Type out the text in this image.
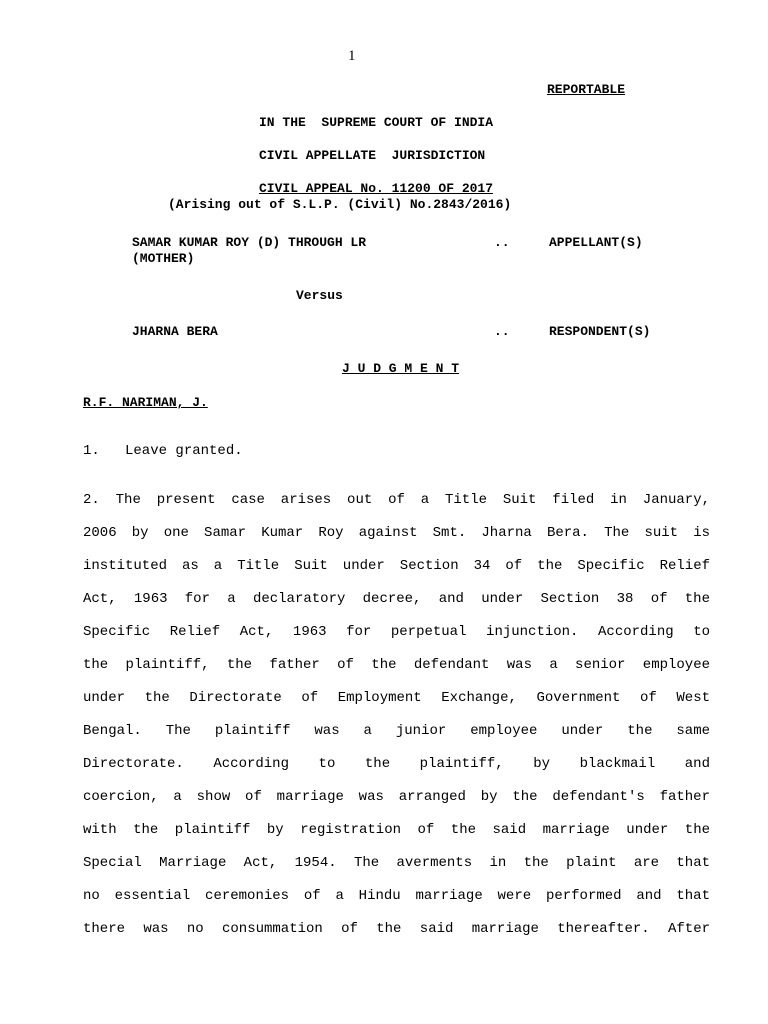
1
REPORTABLE
IN THE  SUPREME COURT OF INDIA
CIVIL APPELLATE  JURISDICTION
CIVIL APPEAL No. 11200 OF 2017
(Arising out of S.L.P. (Civil) No.2843/2016)
SAMAR KUMAR ROY (D) THROUGH LR	..	APPELLANT(S)
(MOTHER)
Versus
JHARNA BERA	..	RESPONDENT(S)
J U D G M E N T
R.F. NARIMAN, J.
1.   Leave granted.
2. The present case arises out of a Title Suit filed in January,
2006 by one Samar Kumar Roy against Smt. Jharna Bera. The suit is
instituted as a Title Suit under Section 34 of the Specific Relief
Act, 1963 for a declaratory decree, and under Section 38 of the
Specific Relief Act, 1963 for perpetual injunction. According to
the plaintiff, the father of the defendant was a senior employee
under the Directorate of Employment Exchange, Government of West
Bengal. The plaintiff was a junior employee under the same
Directorate. According to the plaintiff, by blackmail and
coercion, a show of marriage was arranged by the defendant's father
with the plaintiff by registration of the said marriage under the
Special Marriage Act, 1954. The averments in the plaint are that
no essential ceremonies of a Hindu marriage were performed and that
there was no consummation of the said marriage thereafter. After
